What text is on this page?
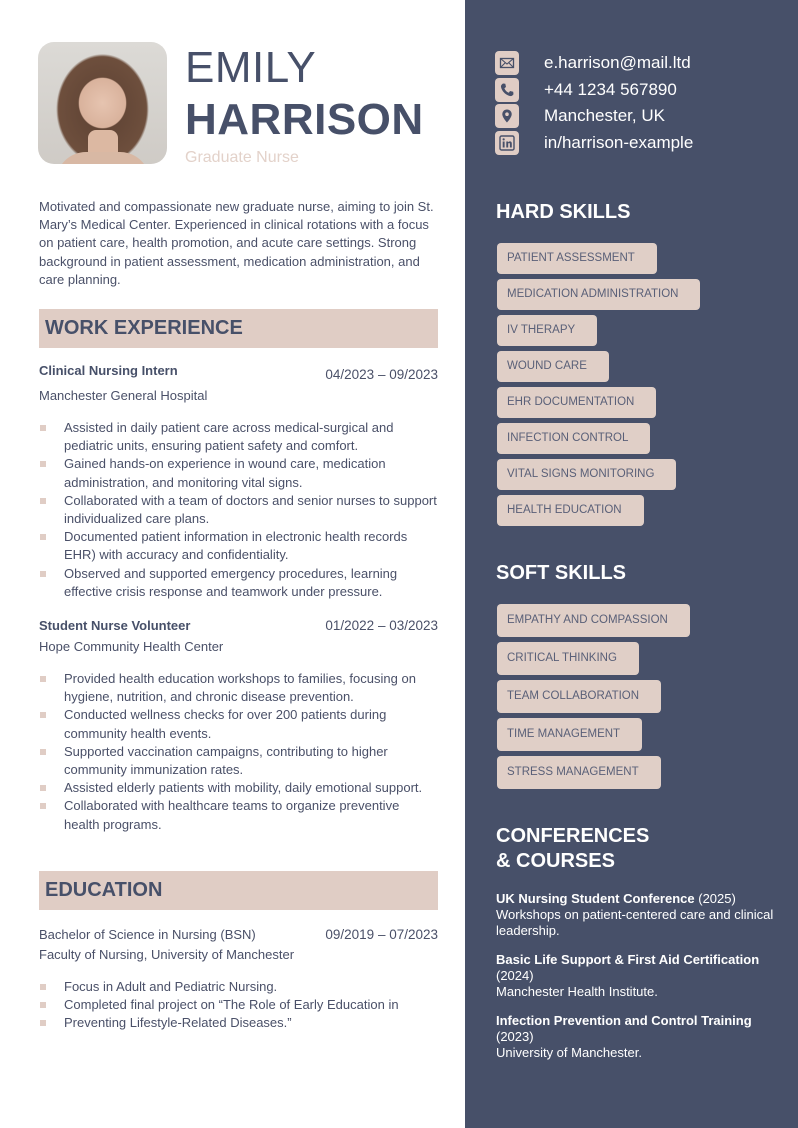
EMILY
HARRISON
Graduate Nurse

Motivated and compassionate new graduate nurse, aiming to join St. Mary’s Medical Center. Experienced in clinical rotations with a focus on patient care, health promotion, and acute care settings. Strong background in patient assessment, medication administration, and care planning.

WORK EXPERIENCE
Clinical Nursing Intern	04/2023 – 09/2023
Manchester General Hospital
Assisted in daily patient care across medical-surgical and pediatric units, ensuring patient safety and comfort.
Gained hands-on experience in wound care, medication administration, and monitoring vital signs.
Collaborated with a team of doctors and senior nurses to support individualized care plans.
Documented patient information in electronic health records EHR) with accuracy and confidentiality.
Observed and supported emergency procedures, learning effective crisis response and teamwork under pressure.
Student Nurse Volunteer	01/2022 – 03/2023
Hope Community Health Center
Provided health education workshops to families, focusing on hygiene, nutrition, and chronic disease prevention.
Conducted wellness checks for over 200 patients during community health events.
Supported vaccination campaigns, contributing to higher community immunization rates.
Assisted elderly patients with mobility, daily emotional support.
Collaborated with healthcare teams to organize preventive health programs.
EDUCATION
Bachelor of Science in Nursing (BSN)	09/2019 – 07/2023
Faculty of Nursing, University of Manchester
Focus in Adult and Pediatric Nursing.
Completed final project on “The Role of Early Education in
Preventing Lifestyle-Related Diseases.”
e.harrison@mail.ltd
+44 1234 567890
Manchester, UK
in/harrison-example
HARD SKILLS
PATIENT ASSESSMENT
MEDICATION ADMINISTRATION
IV THERAPY
WOUND CARE
EHR DOCUMENTATION
INFECTION CONTROL
VITAL SIGNS MONITORING
HEALTH EDUCATION
SOFT SKILLS
EMPATHY AND COMPASSION
CRITICAL THINKING
TEAM COLLABORATION
TIME MANAGEMENT
STRESS MANAGEMENT
CONFERENCES
& COURSES
UK Nursing Student Conference (2025)
Workshops on patient-centered care and clinical leadership.
Basic Life Support & First Aid Certification (2024)
Manchester Health Institute.
Infection Prevention and Control Training (2023)
University of Manchester.
